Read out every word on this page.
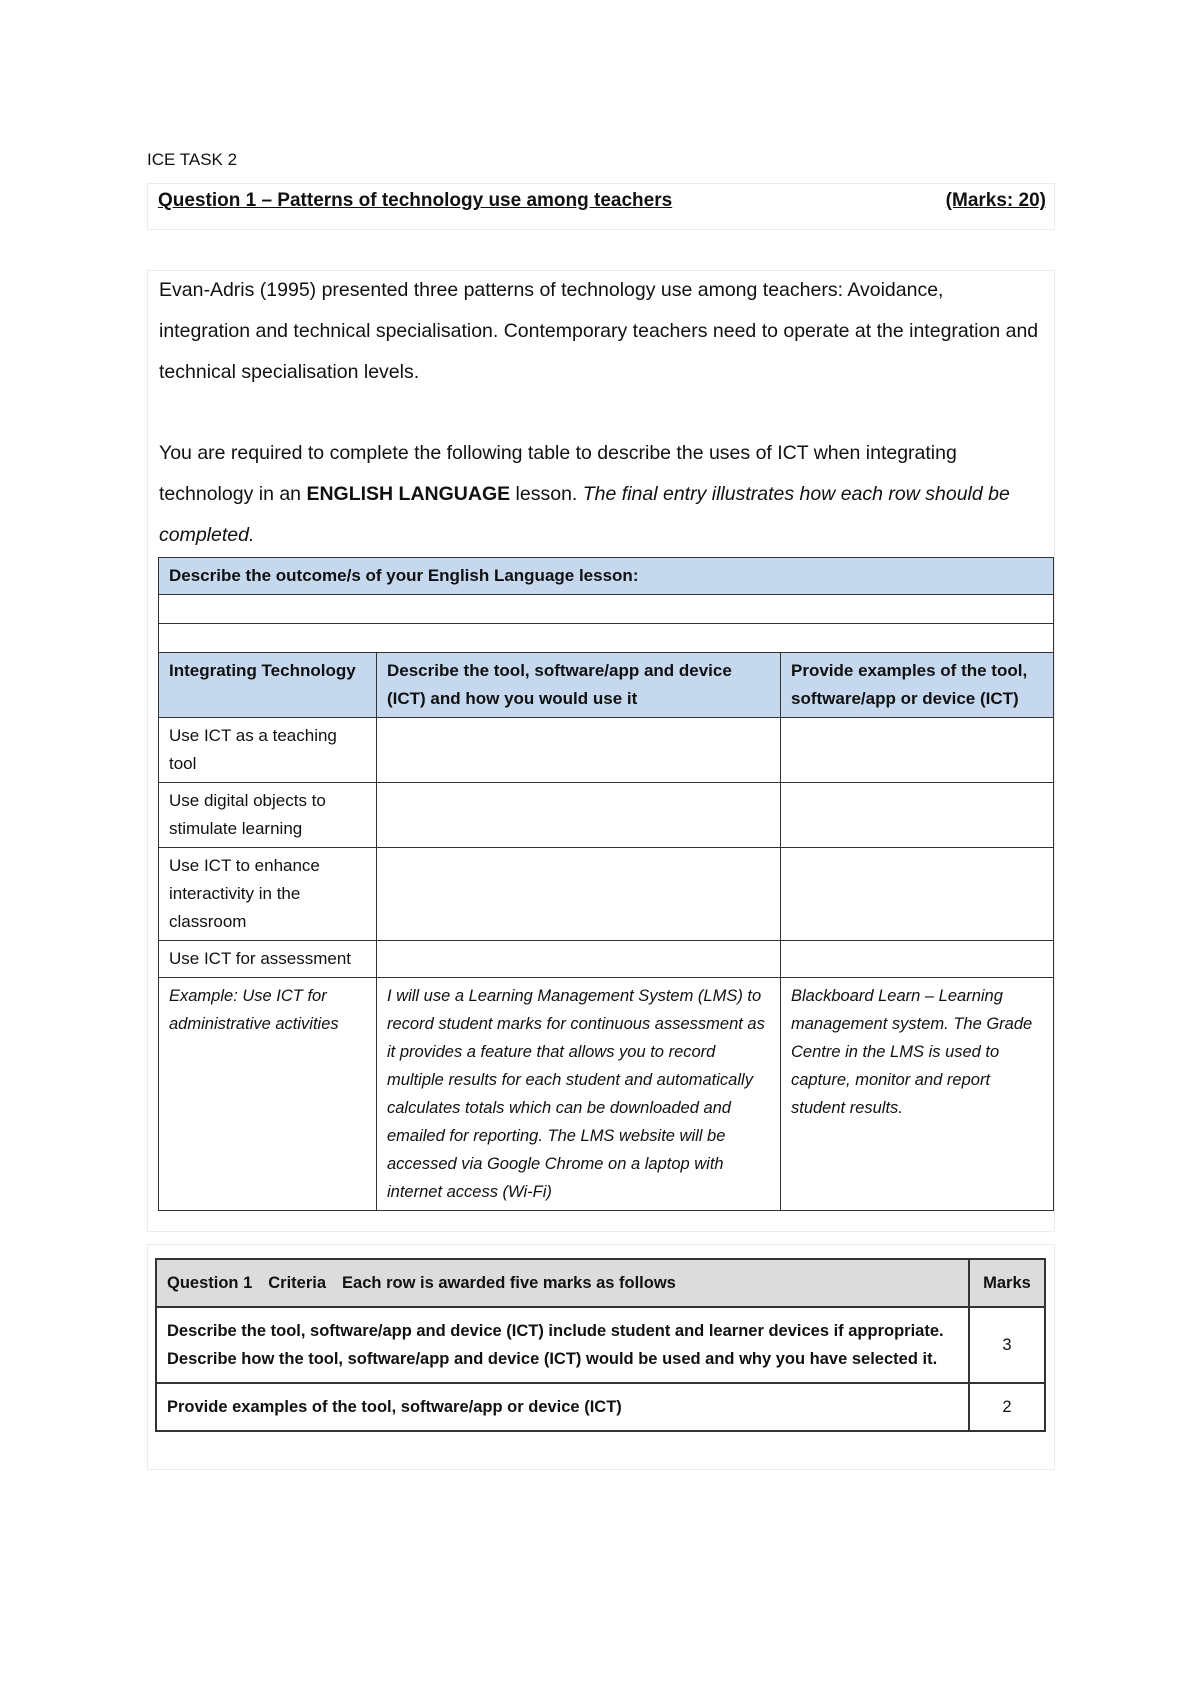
ICE TASK 2
Question 1 – Patterns of technology use among teachers	(Marks: 20)

Evan-Adris (1995) presented three patterns of technology use among teachers: Avoidance, integration and technical specialisation. Contemporary teachers need to operate at the integration and technical specialisation levels.

You are required to complete the following table to describe the uses of ICT when integrating technology in an ENGLISH LANGUAGE lesson. The final entry illustrates how each row should be completed.

Describe the outcome/s of your English Language lesson:		

Integrating Technology	Describe the tool, software/app and device (ICT) and how you would use it	Provide examples of the tool, software/app or device (ICT)
Use ICT as a teaching tool		
Use digital objects to stimulate learning		
Use ICT to enhance interactivity in the classroom		
Use ICT for assessment		
Example: Use ICT for administrative activities	I will use a Learning Management System (LMS) to record student marks for continuous assessment as it provides a feature that allows you to record multiple results for each student and automatically calculates totals which can be downloaded and emailed for reporting. The LMS website will be accessed via Google Chrome on a laptop with internet access (Wi-Fi)	Blackboard Learn – Learning management system. The Grade Centre in the LMS is used to capture, monitor and report student results.
Question 1 Criteria Each row is awarded five marks as follows	Marks

Describe the tool, software/app and device (ICT) include student and learner devices if appropriate.
Describe how the tool, software/app and device (ICT) would be used and why you have selected it.	3
Provide examples of the tool, software/app or device (ICT)	2
